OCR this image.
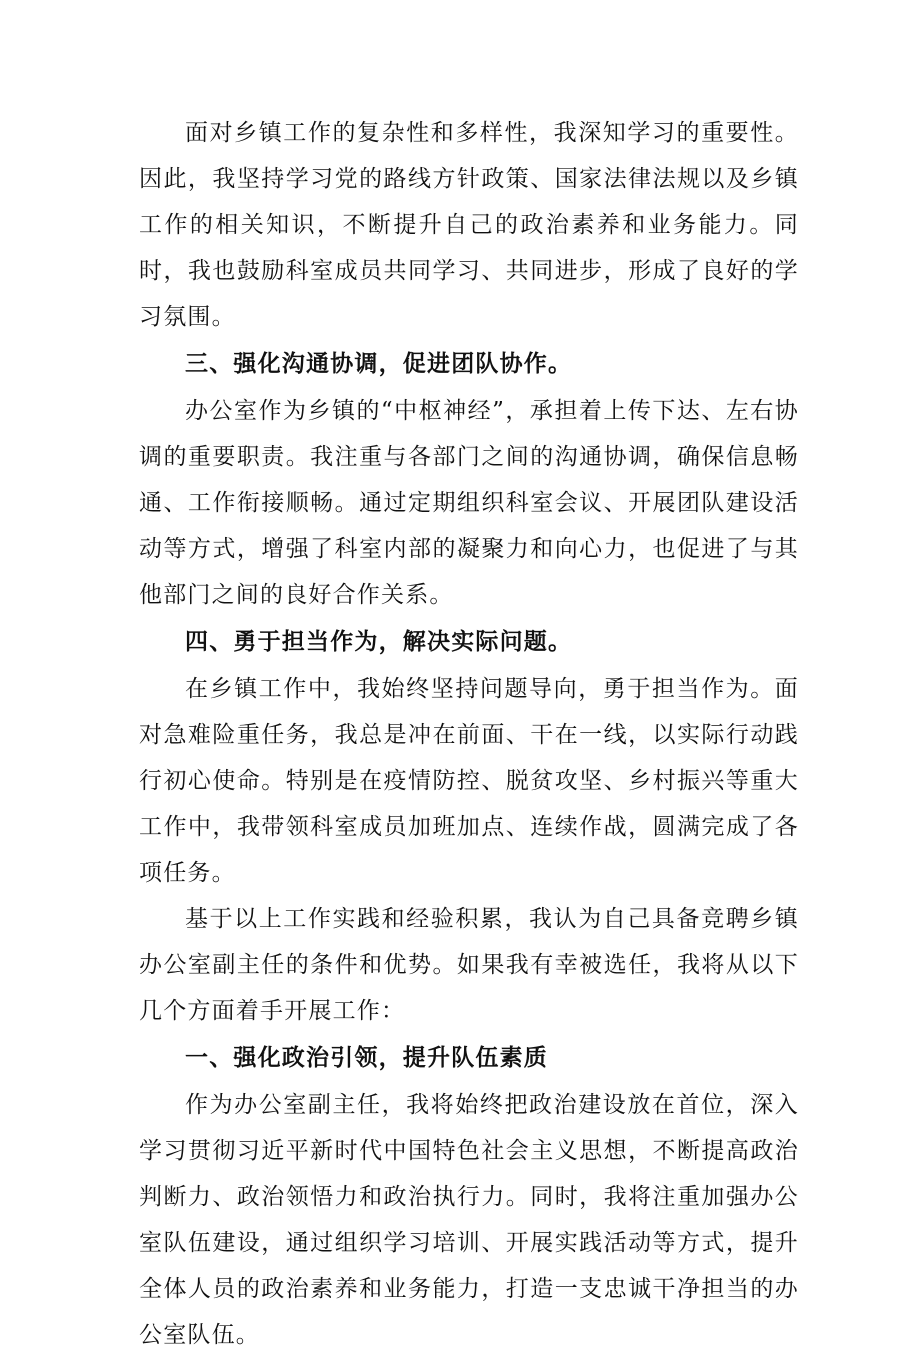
面对乡镇工作的复杂性和多样性，我深知学习的重要性。因此，我坚持学习党的路线方针政策、国家法律法规以及乡镇工作的相关知识，不断提升自己的政治素养和业务能力。同时，我也鼓励科室成员共同学习、共同进步，形成了良好的学习氛围。

三、强化沟通协调，促进团队协作。

办公室作为乡镇的“中枢神经”，承担着上传下达、左右协调的重要职责。我注重与各部门之间的沟通协调，确保信息畅通、工作衔接顺畅。通过定期组织科室会议、开展团队建设活动等方式，增强了科室内部的凝聚力和向心力，也促进了与其他部门之间的良好合作关系。

四、勇于担当作为，解决实际问题。

在乡镇工作中，我始终坚持问题导向，勇于担当作为。面对急难险重任务，我总是冲在前面、干在一线，以实际行动践行初心使命。特别是在疫情防控、脱贫攻坚、乡村振兴等重大工作中，我带领科室成员加班加点、连续作战，圆满完成了各项任务。

基于以上工作实践和经验积累，我认为自己具备竞聘乡镇办公室副主任的条件和优势。如果我有幸被选任，我将从以下几个方面着手开展工作：

一、强化政治引领，提升队伍素质

作为办公室副主任，我将始终把政治建设放在首位，深入学习贯彻习近平新时代中国特色社会主义思想，不断提高政治判断力、政治领悟力和政治执行力。同时，我将注重加强办公室队伍建设，通过组织学习培训、开展实践活动等方式，提升全体人员的政治素养和业务能力，打造一支忠诚干净担当的办公室队伍。
